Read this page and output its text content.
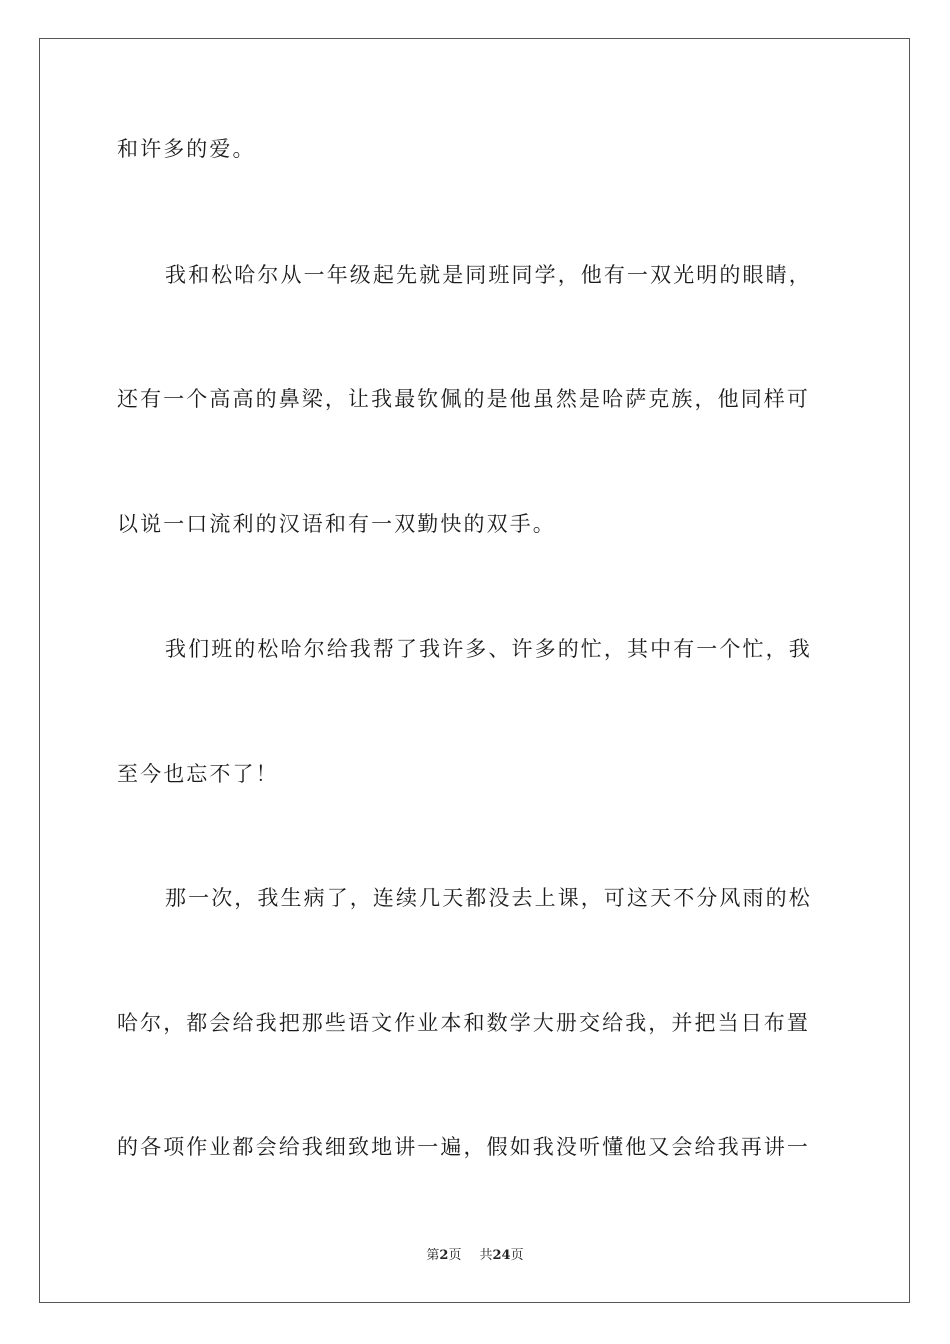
和许多的爱。
我和松哈尔从一年级起先就是同班同学，他有一双光明的眼睛，
还有一个高高的鼻梁，让我最钦佩的是他虽然是哈萨克族，他同样可
以说一口流利的汉语和有一双勤快的双手。
我们班的松哈尔给我帮了我许多、许多的忙，其中有一个忙，我
至今也忘不了！
那一次，我生病了，连续几天都没去上课，可这天不分风雨的松
哈尔，都会给我把那些语文作业本和数学大册交给我，并把当日布置
的各项作业都会给我细致地讲一遍，假如我没听懂他又会给我再讲一
第2页 共24页
